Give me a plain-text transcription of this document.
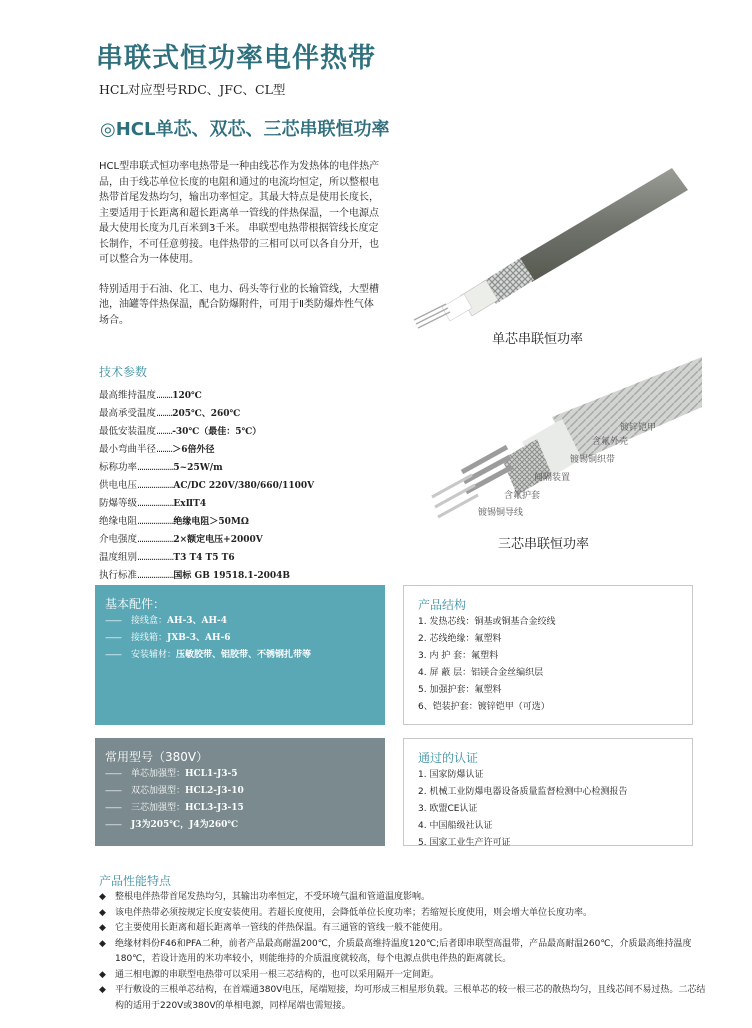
串联式恒功率电伴热带
HCL对应型号RDC、JFC、CL型
◎HCL单芯、双芯、三芯串联恒功率

HCL型串联式恒功率电热带是一种由线芯作为发热体的电伴热产品，由于线芯单位长度的电阻和通过的电流均恒定，所以整根电热带首尾发热均匀，输出功率恒定。其最大特点是使用长度长，主要适用于长距离和超长距离单一管线的伴热保温，一个电源点最大使用长度为几百米到3千米。 串联型电热带根据管线长度定长制作，不可任意剪接。电伴热带的三相可以可以各自分开，也可以整合为一体使用。

特别适用于石油、化工、电力、码头等行业的长输管线，大型槽池，油罐等伴热保温，配合防爆附件，可用于Ⅱ类防爆炸性气体场合。

技术参数
最高维持温度........120℃
最高承受温度........205℃、260℃
最低安装温度........-30℃（最佳：5℃）
最小弯曲半径........＞6倍外径
标称功率..................5~25W/m
供电电压..................AC/DC 220V/380/660/1100V
防爆等级..................ExⅡT4
绝缘电阻..................绝缘电阻＞50MΩ
介电强度..................2×额定电压+2000V
温度组别..................T3 T4 T5 T6
执行标准..................国标 GB 19518.1-2004B
单芯串联恒功率
镀锌铠甲
含氟外壳
镀锡铜织带
间隔装置
含氟护套
镀锡铜导线
三芯串联恒功率
基本配件：
—— 接线盒：AH-3、AH-4
—— 接线箱：JXB-3、AH-6
—— 安装辅材：压敏胶带、铝胶带、不锈钢扎带等
产品结构
1. 发热芯线：铜基或铜基合金绞线
2. 芯线绝缘：氟塑料
3. 内 护 套：氟塑料
4. 屏 蔽 层：铝镁合金丝编织层
5. 加强护套：氟塑料
6、铠装护套：镀锌铠甲（可选）
常用型号（380V）
—— 单芯加强型：HCL1-J3-5
—— 双芯加强型：HCL2-J3-10
—— 三芯加强型：HCL3-J3-15
—— J3为205℃，J4为260℃
通过的认证
1. 国家防爆认证
2. 机械工业防爆电器设备质量监督检测中心检测报告
3. 欧盟CE认证
4. 中国船级社认证
5. 国家工业生产许可证
产品性能特点
◆	整根电伴热带首尾发热均匀，其输出功率恒定，不受环境气温和管道温度影响。
◆	该电伴热带必须按规定长度安装使用。若超长度使用，会降低单位长度功率；若缩短长度使用，则会增大单位长度功率。
◆	它主要使用长距离和超长距离单一管线的伴热保温。有三通管的管线一般不能使用。
◆	绝缘材料份F46和PFA二种，前者产品最高耐温200℃，介质最高维持温度120℃;后者即串联型高温带，产品最高耐温260℃，介质最高维持温度180℃，若设计选用的米功率较小，则能维持的介质温度就较高，每个电源点供电伴热的距离就长。
◆	通三相电源的串联型电热带可以采用一根三芯结构的，也可以采用隔开一定间距。
◆	平行敷设的三根单芯结构，在首端通380V电压，尾端短接，均可形成三相星形负载。三根单芯的较一根三芯的散热均匀，且线芯间不易过热。二芯结构的适用于220V或380V的单相电源，同样尾端也需短接。
